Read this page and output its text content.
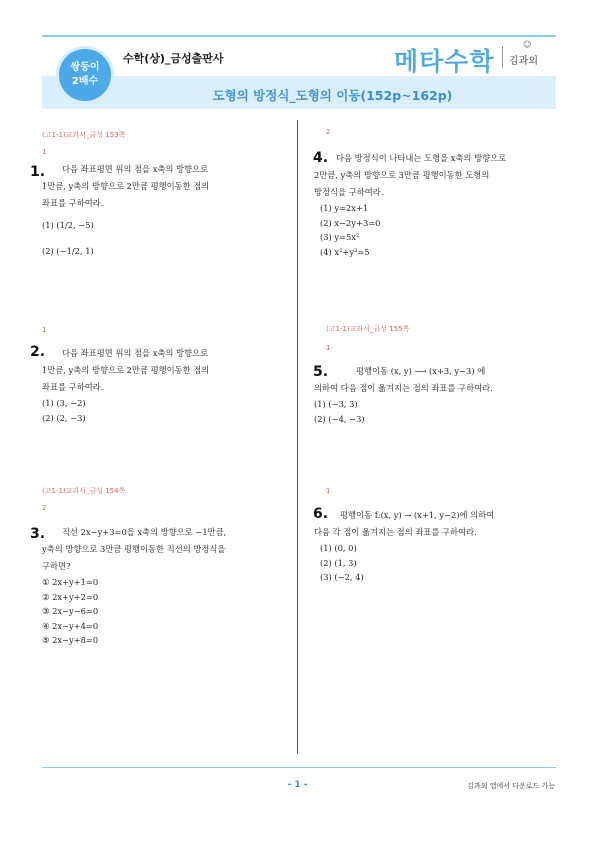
쌍둥이
2배수
수학(상)_금성출판사	메타수학
☺
김과외
도형의 방정식_도형의 이동(152p~162p)
(고1-1)교과서_금성 153쪽
1
1. 다음 좌표평면 위의 점을 x축의 방향으로
1만큼, y축의 방향으로 2만큼 평행이동한 점의
좌표를 구하여라.
(1) (1/2, −5)
(2) (−1/2, 1)
1
2. 다음 좌표평면 위의 점을 x축의 방향으로
1만큼, y축의 방향으로 2만큼 평행이동한 점의
좌표를 구하여라.
(1) (3, −2)
(2) (2, −3)
(고1-1)교과서_금성 154쪽
2
3. 직선 2x−y+3=0을 x축의 방향으로 −1만큼,
y축의 방향으로 3만큼 평행이동한 직선의 방정식을
구하면?
① 2x+y+1=0
② 2x+y+2=0
③ 2x−y−6=0
④ 2x−y+4=0
⑤ 2x−y+8=0
2
4. 다음 방정식이 나타내는 도형을 x축의 방향으로
2만큼, y축의 방향으로 3만큼 평행이동한 도형의
방정식을 구하여라.
(1) y=2x+1
(2) x−2y+3=0
(3) y=5x²
(4) x²+y²=5
(고1-1)교과서_금성 155쪽
1
5.	평행이동 (x, y) ⟶ (x+3, y−3) 에
의하여 다음 점이 옮겨지는 점의 좌표를 구하여라.
(1) (−3, 3)
(2) (−4, −3)
1
6. 평행이동 f:(x, y) → (x+1, y−2)에 의하여
다음 각 점이 옮겨지는 점의 좌표를 구하여라.
(1) (0, 0)
(2) (1, 3)
(3) (−2, 4)
- 1 -	김과외 앱에서 다운로드 가능
